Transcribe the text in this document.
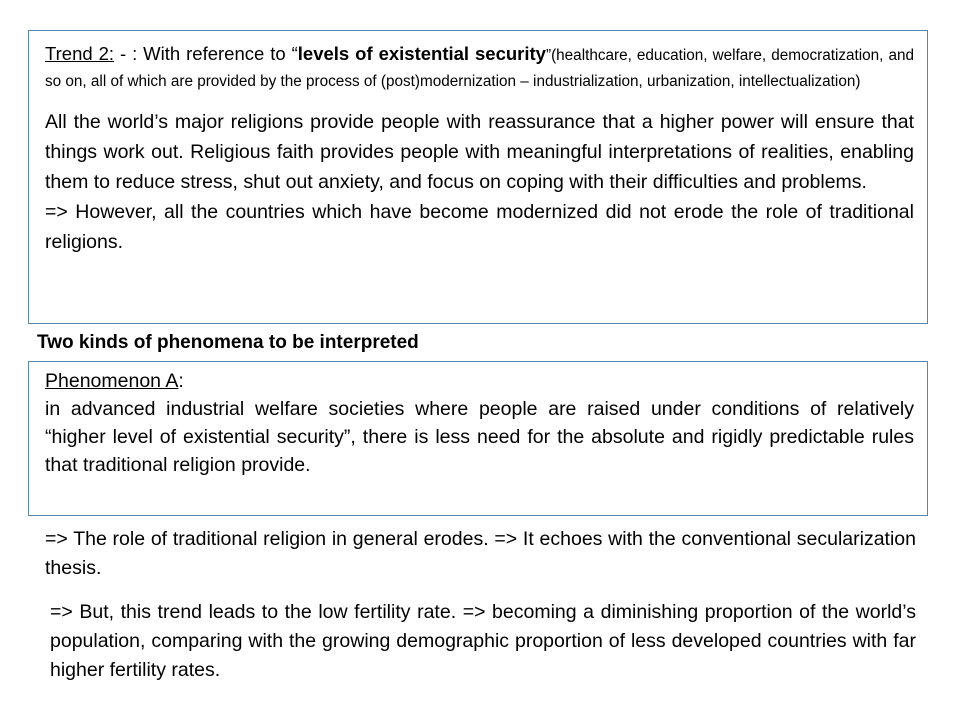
Trend 2: - : With reference to “levels of existential security”(healthcare, education, welfare, democratization, and so on, all of which are provided by the process of (post)modernization – industrialization, urbanization, intellectualization)

All the world’s major religions provide people with reassurance that a higher power will ensure that things work out. Religious faith provides people with meaningful interpretations of realities, enabling them to reduce stress, shut out anxiety, and focus on coping with their difficulties and problems.

=> However, all the countries which have become modernized did not erode the role of traditional religions.

Two kinds of phenomena to be interpreted

Phenomenon A:

in advanced industrial welfare societies where people are raised under conditions of relatively “higher level of existential security”, there is less need for the absolute and rigidly predictable rules that traditional religion provide.

=> The role of traditional religion in general erodes. => It echoes with the conventional secularization thesis.

=> But, this trend leads to the low fertility rate. => becoming a diminishing proportion of the world’s population, comparing with the growing demographic proportion of less developed countries with far higher fertility rates.
